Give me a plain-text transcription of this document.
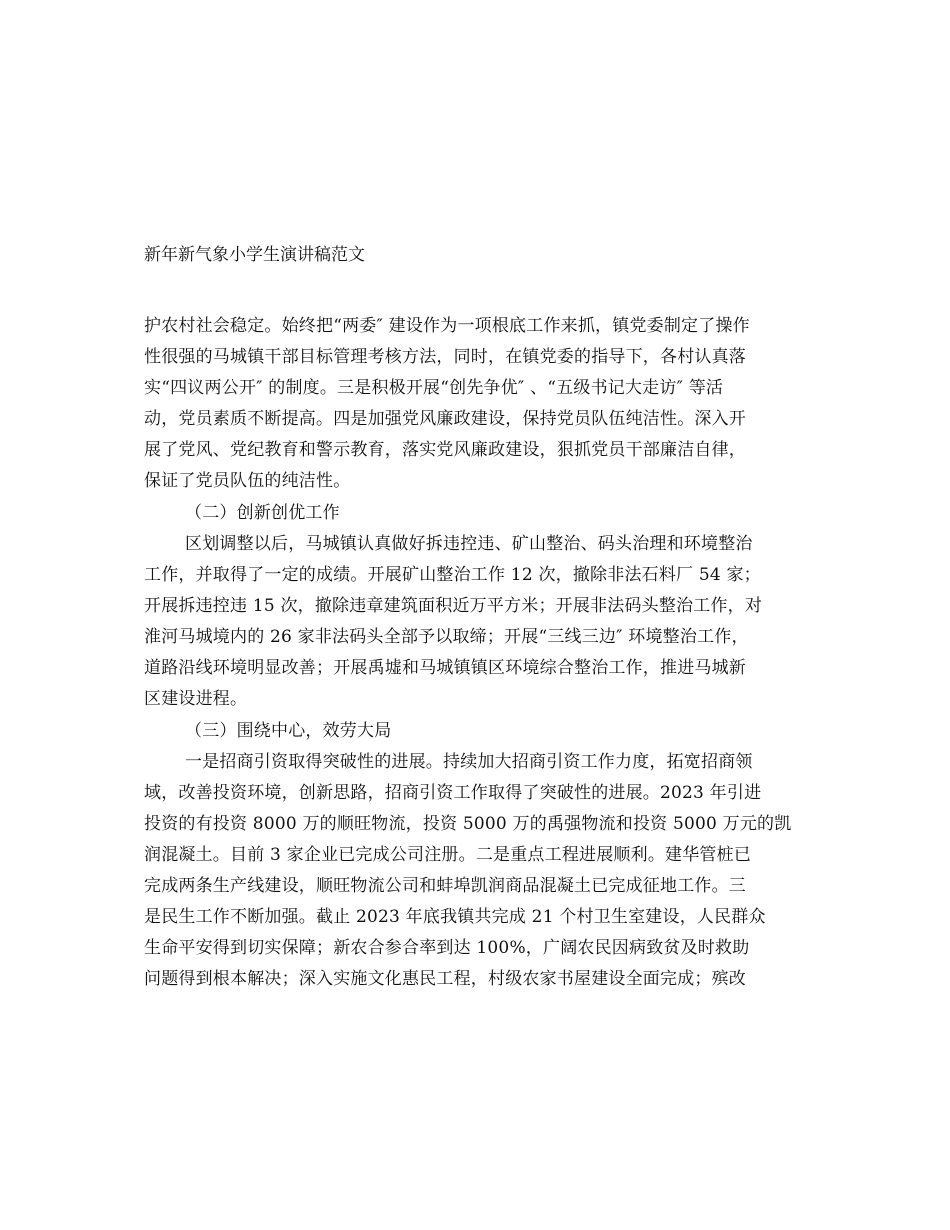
新年新气象小学生演讲稿范文
护农村社会稳定。始终把“两委″ 建设作为一项根底工作来抓，镇党委制定了操作
性很强的马城镇干部目标管理考核方法，同时，在镇党委的指导下，各村认真落
实“四议两公开″ 的制度。三是积极开展“创先争优″ 、“五级书记大走访″ 等活
动，党员素质不断提高。四是加强党风廉政建设，保持党员队伍纯洁性。深入开
展了党风、党纪教育和警示教育，落实党风廉政建设，狠抓党员干部廉洁自律，
保证了党员队伍的纯洁性。
（二）创新创优工作
区划调整以后，马城镇认真做好拆违控违、矿山整治、码头治理和环境整治
工作，并取得了一定的成绩。开展矿山整治工作 12 次，撤除非法石料厂 54 家；
开展拆违控违 15 次，撤除违章建筑面积近万平方米；开展非法码头整治工作，对
淮河马城境内的 26 家非法码头全部予以取缔；开展“三线三边″ 环境整治工作，
道路沿线环境明显改善；开展禹墟和马城镇镇区环境综合整治工作，推进马城新
区建设进程。
（三）围绕中心，效劳大局
一是招商引资取得突破性的进展。持续加大招商引资工作力度，拓宽招商领
域，改善投资环境，创新思路，招商引资工作取得了突破性的进展。2023 年引进
投资的有投资 8000 万的顺旺物流，投资 5000 万的禹强物流和投资 5000 万元的凯
润混凝土。目前 3 家企业已完成公司注册。二是重点工程进展顺利。建华管桩已
完成两条生产线建设，顺旺物流公司和蚌埠凯润商品混凝土已完成征地工作。三
是民生工作不断加强。截止 2023 年底我镇共完成 21 个村卫生室建设，人民群众
生命平安得到切实保障；新农合参合率到达 100%，广阔农民因病致贫及时救助
问题得到根本解决；深入实施文化惠民工程，村级农家书屋建设全面完成；殡改
